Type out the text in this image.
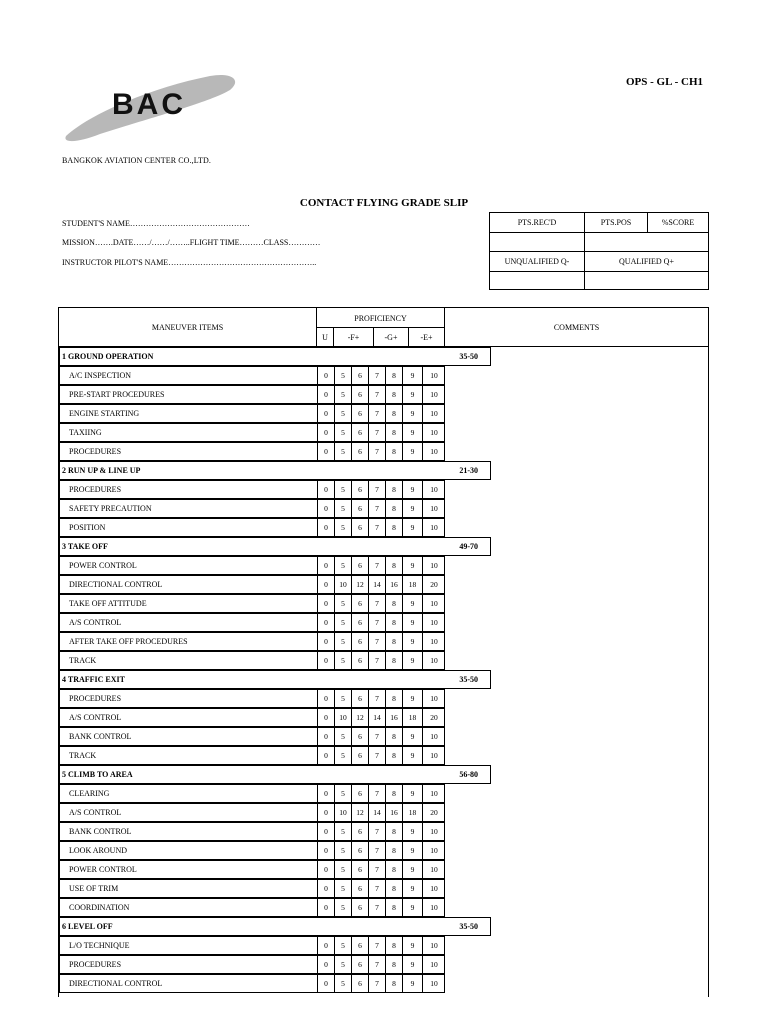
BAC
BANGKOK AVIATION CENTER CO.,LTD.
OPS - GL - CH1
CONTACT FLYING GRADE SLIP
STUDENT'S NAME………………………………………
MISSION…….DATE……/……/……..FLIGHT TIME………CLASS…………
INSTRUCTOR PILOT'S NAME………………………………………………..
PTS.REC'D	PTS.POS	%SCORE
UNQUALIFIED Q-	QUALIFIED Q+
MANEUVER ITEMS
PROFICIENCY
U	-F+	-G+	-E+
COMMENTS
1 GROUND OPERATION	35-50
A/C INSPECTION	0	5	6	7	8	9	10
PRE-START PROCEDURES	0	5	6	7	8	9	10
ENGINE STARTING	0	5	6	7	8	9	10
TAXIING	0	5	6	7	8	9	10
PROCEDURES	0	5	6	7	8	9	10
2 RUN UP & LINE UP	21-30
PROCEDURES	0	5	6	7	8	9	10
SAFETY PRECAUTION	0	5	6	7	8	9	10
POSITION	0	5	6	7	8	9	10
3 TAKE OFF	49-70
POWER CONTROL	0	5	6	7	8	9	10
DIRECTIONAL CONTROL	0	10	12	14	16	18	20
TAKE OFF ATTITUDE	0	5	6	7	8	9	10
A/S CONTROL	0	5	6	7	8	9	10
AFTER TAKE OFF PROCEDURES	0	5	6	7	8	9	10
TRACK	0	5	6	7	8	9	10
4 TRAFFIC EXIT	35-50
PROCEDURES	0	5	6	7	8	9	10
A/S CONTROL	0	10	12	14	16	18	20
BANK CONTROL	0	5	6	7	8	9	10
TRACK	0	5	6	7	8	9	10
5 CLIMB TO AREA	56-80
CLEARING	0	5	6	7	8	9	10
A/S CONTROL	0	10	12	14	16	18	20
BANK CONTROL	0	5	6	7	8	9	10
LOOK AROUND	0	5	6	7	8	9	10
POWER CONTROL	0	5	6	7	8	9	10
USE OF TRIM	0	5	6	7	8	9	10
COORDINATION	0	5	6	7	8	9	10
6 LEVEL OFF	35-50
L/O TECHNIQUE	0	5	6	7	8	9	10
PROCEDURES	0	5	6	7	8	9	10
DIRECTIONAL CONTROL	0	5	6	7	8	9	10
